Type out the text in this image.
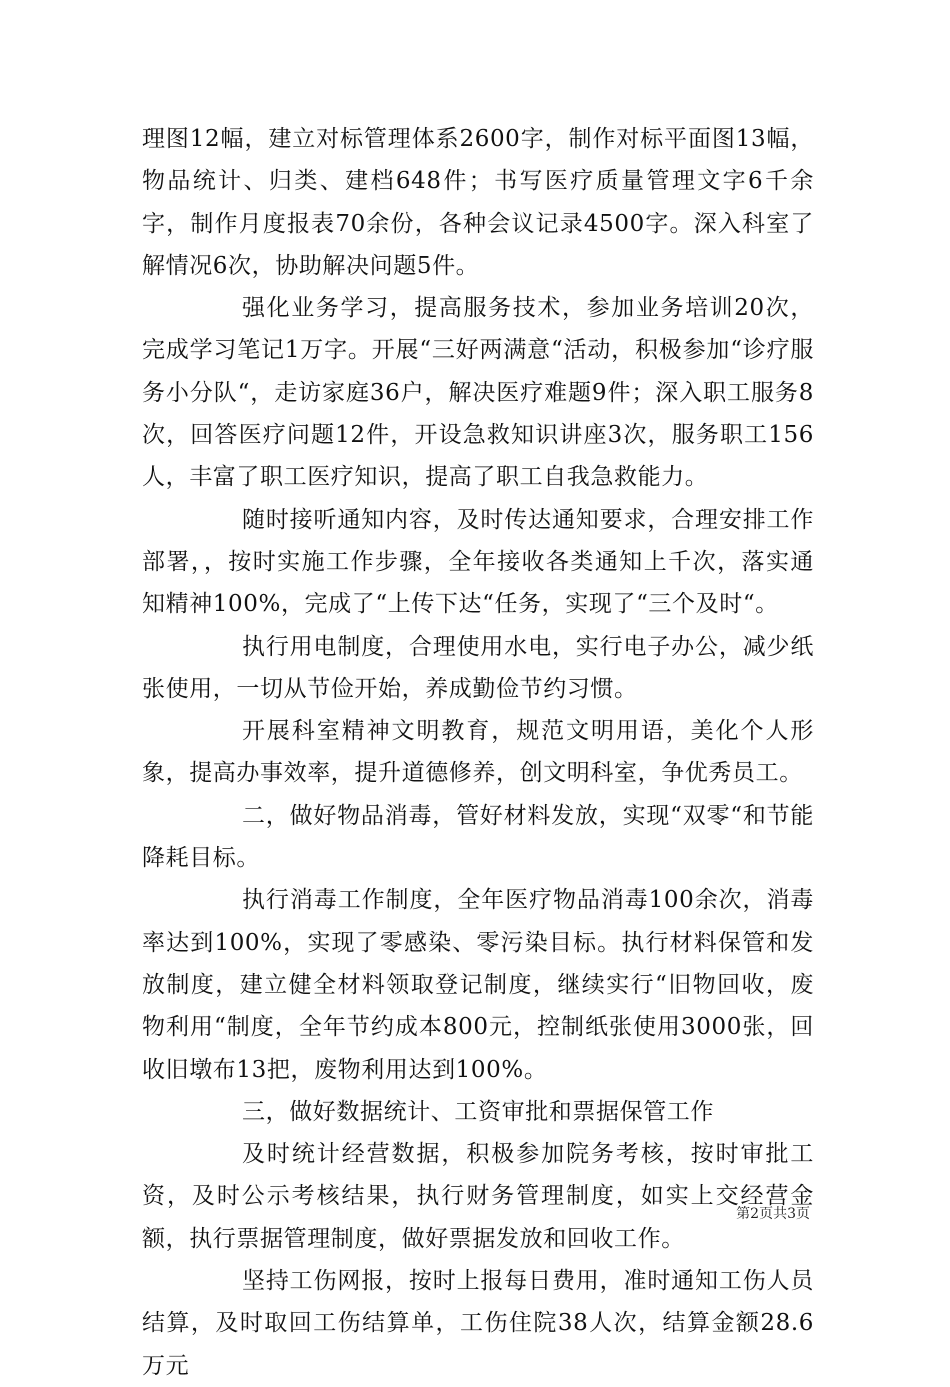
理图12幅，建立对标管理体系2600字，制作对标平面图13幅，物品统计、归类、建档648件；书写医疗质量管理文字6千余字，制作月度报表70余份，各种会议记录4500字。深入科室了解情况6次，协助解决问题5件。

强化业务学习，提高服务技术，参加业务培训20次，完成学习笔记1万字。开展“三好两满意“活动，积极参加“诊疗服务小分队“，走访家庭36户，解决医疗难题9件；深入职工服务8次，回答医疗问题12件，开设急救知识讲座3次，服务职工156人，丰富了职工医疗知识，提高了职工自我急救能力。

随时接听通知内容，及时传达通知要求，合理安排工作部署，，按时实施工作步骤，全年接收各类通知上千次，落实通知精神100%，完成了“上传下达“任务，实现了“三个及时“。

执行用电制度，合理使用水电，实行电子办公，减少纸张使用，一切从节俭开始，养成勤俭节约习惯。

开展科室精神文明教育，规范文明用语，美化个人形象，提高办事效率，提升道德修养，创文明科室，争优秀员工。

二，做好物品消毒，管好材料发放，实现“双零“和节能降耗目标。

执行消毒工作制度，全年医疗物品消毒100余次，消毒率达到100%，实现了零感染、零污染目标。执行材料保管和发放制度，建立健全材料领取登记制度，继续实行“旧物回收，废物利用“制度，全年节约成本800元，控制纸张使用3000张，回收旧墩布13把，废物利用达到100%。

三，做好数据统计、工资审批和票据保管工作

及时统计经营数据，积极参加院务考核，按时审批工资，及时公示考核结果，执行财务管理制度，如实上交经营金额，执行票据管理制度，做好票据发放和回收工作。

坚持工伤网报，按时上报每日费用，准时通知工伤人员结算，及时取回工伤结算单，工伤住院38人次，结算金额28.6万元

第2页共3页
